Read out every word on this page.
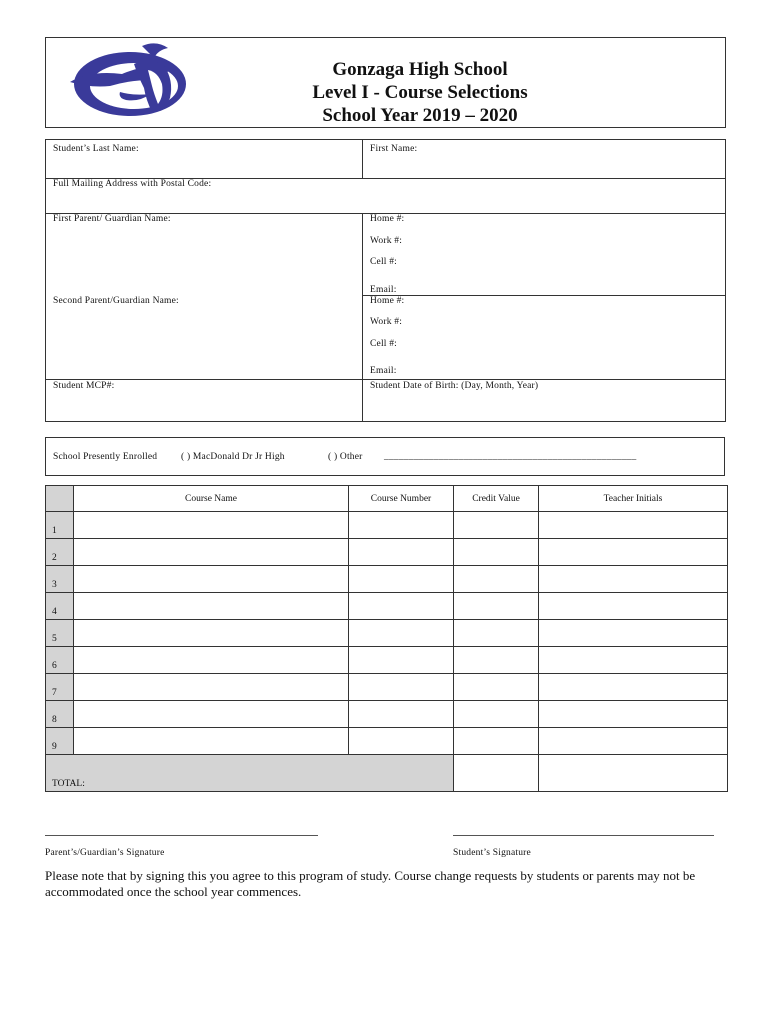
Gonzaga High School
Level I - Course Selections
School Year 2019 – 2020
Student’s Last Name:	First Name:
Full Mailing Address with Postal Code:
First Parent/ Guardian Name:	Home #:
Work #:
Cell #:
Email:
Second Parent/Guardian Name:	Home #:
Work #:
Cell #:
Email:
Student MCP#:	Student Date of Birth: (Day, Month, Year)
School Presently Enrolled	( ) MacDonald Dr Jr High	( ) Other ___________________________________________________
	Course Name	Course Number	Credit Value	Teacher Initials
1				
2				
3				
4				
5				
6				
7				
8				
9				
TOTAL:				
Parent’s/Guardian’s Signature	Student’s Signature
Please note that by signing this you agree to this program of study. Course change requests by students or parents may not be accommodated once the school year commences.
